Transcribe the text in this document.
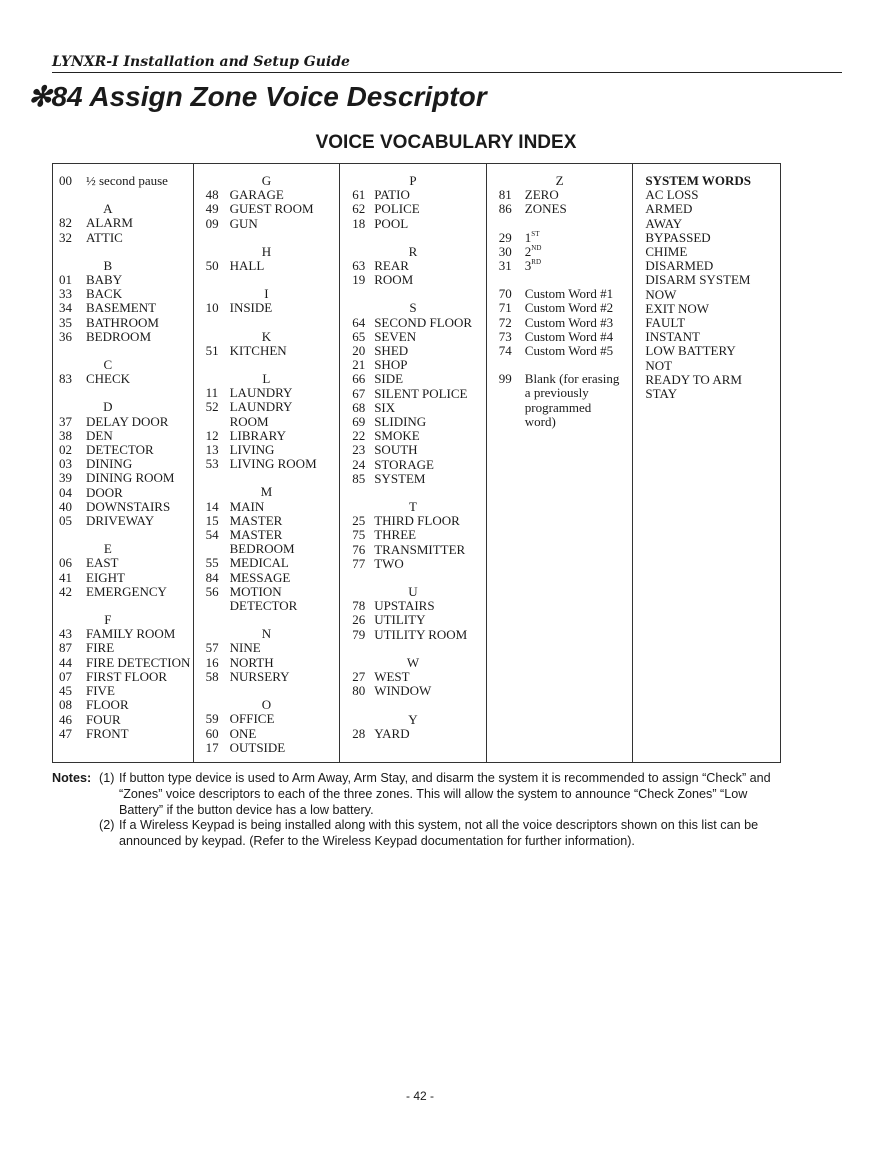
LYNXR-I Installation and Setup Guide
✻84 Assign Zone Voice Descriptor
VOICE VOCABULARY INDEX
00	½ second pause
A
82	ALARM
32	ATTIC
B
01	BABY
33	BACK
34	BASEMENT
35	BATHROOM
36	BEDROOM
C
83	CHECK
D
37	DELAY DOOR
38	DEN
02	DETECTOR
03	DINING
39	DINING ROOM
04	DOOR
40	DOWNSTAIRS
05	DRIVEWAY
E
06	EAST
41	EIGHT
42	EMERGENCY
F
43	FAMILY ROOM
87	FIRE
44	FIRE DETECTION
07	FIRST FLOOR
45	FIVE
08	FLOOR
46	FOUR
47	FRONT
G
48 GARAGE
49 GUEST ROOM
09 GUN
H
50 HALL
I
10 INSIDE
K
51 KITCHEN
L
11 LAUNDRY
52 LAUNDRY ROOM
12 LIBRARY
13 LIVING
53 LIVING ROOM
M
14 MAIN
15 MASTER
54 MASTER BEDROOM
55 MEDICAL
84 MESSAGE
56 MOTION DETECTOR
N
57 NINE
16 NORTH
58 NURSERY
O
59 OFFICE
60 ONE
17 OUTSIDE
P
61 PATIO
62 POLICE
18 POOL
R
63 REAR
19 ROOM
S
64 SECOND FLOOR
65 SEVEN
20 SHED
21 SHOP
66 SIDE
67 SILENT POLICE
68 SIX
69 SLIDING
22 SMOKE
23 SOUTH
24 STORAGE
85 SYSTEM
T
25 THIRD FLOOR
75 THREE
76 TRANSMITTER
77 TWO
U
78 UPSTAIRS
26 UTILITY
79 UTILITY ROOM
W
27 WEST
80 WINDOW
Y
28 YARD
Z
81	ZERO
86	ZONES
29	1ST
30	2ND
31	3RD
70	Custom Word #1
71	Custom Word #2
72	Custom Word #3
73	Custom Word #4
74	Custom Word #5
99	Blank (for erasing a previously programmed word)
SYSTEM WORDS
AC LOSS
ARMED
AWAY
BYPASSED
CHIME
DISARMED
DISARM SYSTEM
NOW
EXIT NOW
FAULT
INSTANT
LOW BATTERY
NOT
READY TO ARM
STAY
Notes: (1) If button type device is used to Arm Away, Arm Stay, and disarm the system it is recommended to assign “Check” and “Zones” voice descriptors to each of the three zones. This will allow the system to announce “Check Zones” “Low Battery” if the button device has a low battery.
(2) If a Wireless Keypad is being installed along with this system, not all the voice descriptors shown on this list can be announced by keypad. (Refer to the Wireless Keypad documentation for further information).
- 42 -
